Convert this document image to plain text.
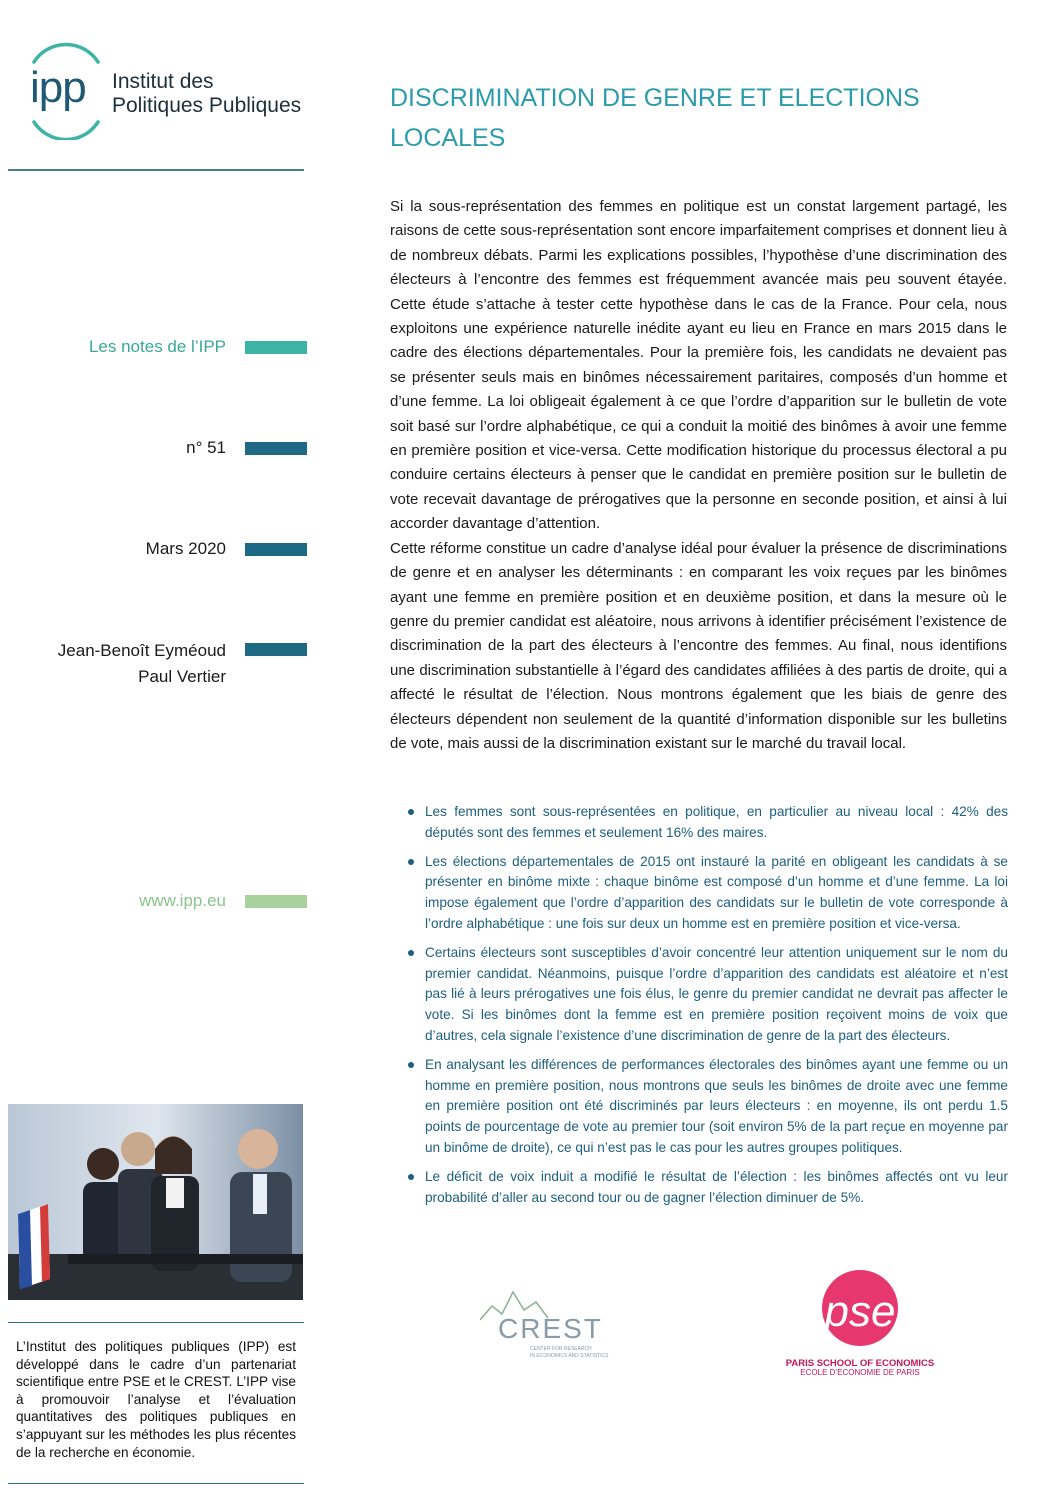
ipp Institut des
Politiques Publiques
Les notes de l’IPP
n° 51
Mars 2020
Jean-Benoît Eyméoud
Paul Vertier
www.ipp.eu
L’Institut des politiques publiques (IPP) est développé dans le cadre d’un partenariat scientifique entre PSE et le CREST. L’IPP vise à promouvoir l’analyse et l’évaluation quantitatives des politiques publiques en s’appuyant sur les méthodes les plus récentes de la recherche en économie.
DISCRIMINATION DE GENRE ET ELECTIONS LOCALES

Si la sous-représentation des femmes en politique est un constat largement partagé, les raisons de cette sous-représentation sont encore imparfaitement comprises et donnent lieu à de nombreux débats. Parmi les explications possibles, l’hypothèse d’une discrimination des électeurs à l’encontre des femmes est fréquemment avancée mais peu souvent étayée. Cette étude s’attache à tester cette hypothèse dans le cas de la France. Pour cela, nous exploitons une expérience naturelle inédite ayant eu lieu en France en mars 2015 dans le cadre des élections départementales. Pour la première fois, les candidats ne devaient pas se présenter seuls mais en binômes nécessairement paritaires, composés d’un homme et d’une femme. La loi obligeait également à ce que l’ordre d’apparition sur le bulletin de vote soit basé sur l’ordre alphabétique, ce qui a conduit la moitié des binômes à avoir une femme en première position et vice-versa. Cette modification historique du processus électoral a pu conduire certains électeurs à penser que le candidat en première position sur le bulletin de vote recevait davantage de prérogatives que la personne en seconde position, et ainsi à lui accorder davantage d’attention.

Cette réforme constitue un cadre d’analyse idéal pour évaluer la présence de discriminations de genre et en analyser les déterminants : en comparant les voix reçues par les binômes ayant une femme en première position et en deuxième position, et dans la mesure où le genre du premier candidat est aléatoire, nous arrivons à identifier précisément l’existence de discrimination de la part des électeurs à l’encontre des femmes. Au final, nous identifions une discrimination substantielle à l’égard des candidates affiliées à des partis de droite, qui a affecté le résultat de l’élection. Nous montrons également que les biais de genre des électeurs dépendent non seulement de la quantité d’information disponible sur les bulletins de vote, mais aussi de la discrimination existant sur le marché du travail local.

Les femmes sont sous-représentées en politique, en particulier au niveau local : 42% des députés sont des femmes et seulement 16% des maires.
Les élections départementales de 2015 ont instauré la parité en obligeant les candidats à se présenter en binôme mixte : chaque binôme est composé d’un homme et d’une femme. La loi impose également que l’ordre d’apparition des candidats sur le bulletin de vote corresponde à l’ordre alphabétique : une fois sur deux un homme est en première position et vice-versa.
Certains électeurs sont susceptibles d’avoir concentré leur attention uniquement sur le nom du premier candidat. Néanmoins, puisque l’ordre d’apparition des candidats est aléatoire et n’est pas lié à leurs prérogatives une fois élus, le genre du premier candidat ne devrait pas affecter le vote. Si les binômes dont la femme est en première position reçoivent moins de voix que d’autres, cela signale l’existence d’une discrimination de genre de la part des électeurs.
En analysant les différences de performances électorales des binômes ayant une femme ou un homme en première position, nous montrons que seuls les binômes de droite avec une femme en première position ont été discriminés par leurs électeurs : en moyenne, ils ont perdu 1.5 points de pourcentage de vote au premier tour (soit environ 5% de la part reçue en moyenne par un binôme de droite), ce qui n’est pas le cas pour les autres groupes politiques.
Le déficit de voix induit a modifié le résultat de l’élection : les binômes affectés ont vu leur probabilité d’aller au second tour ou de gagner l’élection diminuer de 5%.
CREST
CENTER FOR RESEARCH
IN ECONOMICS AND STATISTICS
pse
PARIS SCHOOL OF ECONOMICS
ECOLE D’ECONOMIE DE PARIS
